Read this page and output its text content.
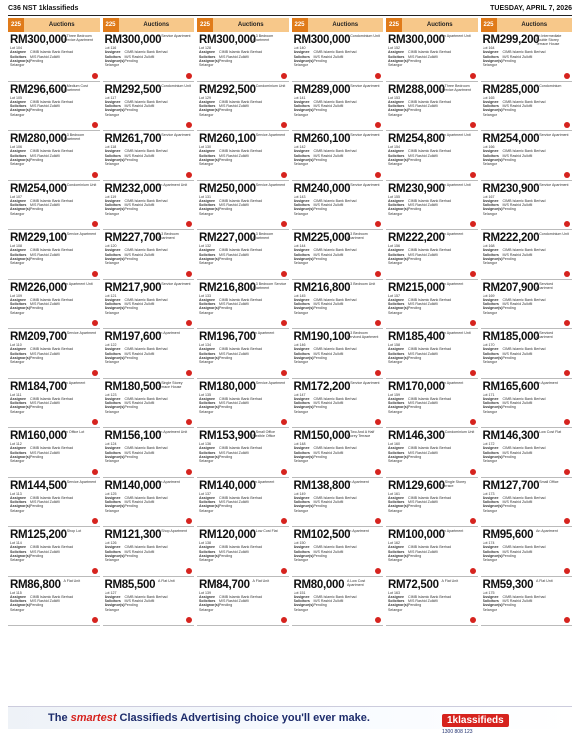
C36 NST 1klassifieds	TUESDAY, APRIL 7, 2026
225	Auctions
RM300,000
A Three Bedroom Service Apartment
Lot 104
Assignee CIMB Islamic Bank Berhad
Solicitors M/S Rashid Zulkifli
Assignor(s)Pending
Selangor
RM296,600
A Medium Cost Apartment
Lot 105
Assignee CIMB Islamic Bank Berhad
Solicitors M/S Rashid Zulkifli
Assignor(s)Pending
Selangor
RM280,000
A 3 Bedroom Apartment
Lot 106
Assignee CIMB Islamic Bank Berhad
Solicitors M/S Rashid Zulkifli
Assignor(s)Pending
Selangor
RM254,000
A Condominium Unit
Lot 107
Assignee CIMB Islamic Bank Berhad
Solicitors M/S Rashid Zulkifli
Assignor(s)Pending
Selangor
RM229,100
A Service Apartment
Lot 108
Assignee CIMB Islamic Bank Berhad
Solicitors M/S Rashid Zulkifli
Assignor(s)Pending
Selangor
RM226,000
An Apartment Unit
Lot 109
Assignee CIMB Islamic Bank Berhad
Solicitors M/S Rashid Zulkifli
Assignor(s)Pending
Selangor
RM209,700
A Service Apartment
Lot 110
Assignee CIMB Islamic Bank Berhad
Solicitors M/S Rashid Zulkifli
Assignor(s)Pending
Selangor
RM184,700
An Apartment
Lot 111
Assignee CIMB Islamic Bank Berhad
Solicitors M/S Rashid Zulkifli
Assignor(s)Pending
Selangor
RM160,000
An Office Lot
Lot 112
Assignee CIMB Islamic Bank Berhad
Solicitors M/S Rashid Zulkifli
Assignor(s)Pending
Selangor
RM144,500
A Service Apartment
Lot 113
Assignee CIMB Islamic Bank Berhad
Solicitors M/S Rashid Zulkifli
Assignor(s)Pending
Selangor
RM125,200
A Shop Lot
Lot 114
Assignee CIMB Islamic Bank Berhad
Solicitors M/S Rashid Zulkifli
Assignor(s)Pending
Selangor
RM86,800 A Flat Unit
Lot 115
Assignee CIMB Islamic Bank Berhad
Solicitors M/S Rashid Zulkifli
Assignor(s)Pending
Selangor
225	Auctions
RM300,000
A Service Apartment
Lot 116
Assignee CIMB Islamic Bank Berhad
Solicitors M/S Rashid Zulkifli
Assignor(s)Pending
Selangor
RM292,500
A Condominium Unit
Lot 117
Assignee CIMB Islamic Bank Berhad
Solicitors M/S Rashid Zulkifli
Assignor(s)Pending
Selangor
RM261,700
A Service Apartment
Lot 118
Assignee CIMB Islamic Bank Berhad
Solicitors M/S Rashid Zulkifli
Assignor(s)Pending
Selangor
RM232,000
An Apartment Unit
Lot 119
Assignee CIMB Islamic Bank Berhad
Solicitors M/S Rashid Zulkifli
Assignor(s)Pending
Selangor
RM227,700
A 3 Bedroom Apartment
Lot 120
Assignee CIMB Islamic Bank Berhad
Solicitors M/S Rashid Zulkifli
Assignor(s)Pending
Selangor
RM217,900
A Service Apartment
Lot 121
Assignee CIMB Islamic Bank Berhad
Solicitors M/S Rashid Zulkifli
Assignor(s)Pending
Selangor
RM197,600
An Apartment
Lot 122
Assignee CIMB Islamic Bank Berhad
Solicitors M/S Rashid Zulkifli
Assignor(s)Pending
Selangor
RM180,500
A Single Storey Terrace House
Lot 123
Assignee CIMB Islamic Bank Berhad
Solicitors M/S Rashid Zulkifli
Assignor(s)Pending
Selangor
RM156,100
An Apartment Unit
Lot 124
Assignee CIMB Islamic Bank Berhad
Solicitors M/S Rashid Zulkifli
Assignor(s)Pending
Selangor
RM140,000
An Apartment
Lot 125
Assignee CIMB Islamic Bank Berhad
Solicitors M/S Rashid Zulkifli
Assignor(s)Pending
Selangor
RM121,300
A Shop Apartment
Lot 126
Assignee CIMB Islamic Bank Berhad
Solicitors M/S Rashid Zulkifli
Assignor(s)Pending
Selangor
RM85,500 A Flat Unit
Lot 127
Assignee CIMB Islamic Bank Berhad
Solicitors M/S Rashid Zulkifli
Assignor(s)Pending
Selangor
225	Auctions
RM300,000
A 3 Bedroom Apartment
Lot 128
Assignee CIMB Islamic Bank Berhad
Solicitors M/S Rashid Zulkifli
Assignor(s)Pending
Selangor
RM292,500
A Condominium Unit
Lot 129
Assignee CIMB Islamic Bank Berhad
Solicitors M/S Rashid Zulkifli
Assignor(s)Pending
Selangor
RM260,100
A Service Apartment
Lot 130
Assignee CIMB Islamic Bank Berhad
Solicitors M/S Rashid Zulkifli
Assignor(s)Pending
Selangor
RM250,000
A Service Apartment
Lot 131
Assignee CIMB Islamic Bank Berhad
Solicitors M/S Rashid Zulkifli
Assignor(s)Pending
Selangor
RM227,000
A 3 Bedroom Apartment
Lot 132
Assignee CIMB Islamic Bank Berhad
Solicitors M/S Rashid Zulkifli
Assignor(s)Pending
Selangor
RM216,800
A 3 Bedroom Service Apartment
Lot 133
Assignee CIMB Islamic Bank Berhad
Solicitors M/S Rashid Zulkifli
Assignor(s)Pending
Selangor
RM196,700
An Apartment
Lot 134
Assignee CIMB Islamic Bank Berhad
Solicitors M/S Rashid Zulkifli
Assignor(s)Pending
Selangor
RM180,000
A Service Apartment
Lot 135
Assignee CIMB Islamic Bank Berhad
Solicitors M/S Rashid Zulkifli
Assignor(s)Pending
Selangor
RM153,900
A Small Office Flexible Office
Lot 136
Assignee CIMB Islamic Bank Berhad
Solicitors M/S Rashid Zulkifli
Assignor(s)Pending
Selangor
RM140,000
An Apartment
Lot 137
Assignee CIMB Islamic Bank Berhad
Solicitors M/S Rashid Zulkifli
Assignor(s)Pending
Selangor
RM120,000
A Low Cost Flat
Lot 138
Assignee CIMB Islamic Bank Berhad
Solicitors M/S Rashid Zulkifli
Assignor(s)Pending
Selangor
RM84,700 A Flat Unit
Lot 139
Assignee CIMB Islamic Bank Berhad
Solicitors M/S Rashid Zulkifli
Assignor(s)Pending
Selangor
225	Auctions
RM300,000
A Condominium Unit
Lot 140
Assignee CIMB Islamic Bank Berhad
Solicitors M/S Rashid Zulkifli
Assignor(s)Pending
Selangor
RM289,000
A Service Apartment
Lot 141
Assignee CIMB Islamic Bank Berhad
Solicitors M/S Rashid Zulkifli
Assignor(s)Pending
Selangor
RM260,100
A Service Apartment
Lot 142
Assignee CIMB Islamic Bank Berhad
Solicitors M/S Rashid Zulkifli
Assignor(s)Pending
Selangor
RM240,000
A Service Apartment
Lot 143
Assignee CIMB Islamic Bank Berhad
Solicitors M/S Rashid Zulkifli
Assignor(s)Pending
Selangor
RM225,000
A 3 Bedroom Apartment
Lot 144
Assignee CIMB Islamic Bank Berhad
Solicitors M/S Rashid Zulkifli
Assignor(s)Pending
Selangor
RM216,800
A 3 Bedroom Unit
Lot 145
Assignee CIMB Islamic Bank Berhad
Solicitors M/S Rashid Zulkifli
Assignor(s)Pending
Selangor
RM190,100
A 3 Bedroom Serviced Apartment
Lot 146
Assignee CIMB Islamic Bank Berhad
Solicitors M/S Rashid Zulkifli
Assignor(s)Pending
Selangor
RM172,200
A Service Apartment
Lot 147
Assignee CIMB Islamic Bank Berhad
Solicitors M/S Rashid Zulkifli
Assignor(s)Pending
Selangor
RM150,000
A Two And A Half Storey Terrace
Lot 148
Assignee CIMB Islamic Bank Berhad
Solicitors M/S Rashid Zulkifli
Assignor(s)Pending
Selangor
RM138,800
An Apartment
Lot 149
Assignee CIMB Islamic Bank Berhad
Solicitors M/S Rashid Zulkifli
Assignor(s)Pending
Selangor
RM102,500
An Apartment
Lot 150
Assignee CIMB Islamic Bank Berhad
Solicitors M/S Rashid Zulkifli
Assignor(s)Pending
Selangor
RM80,000 A Low Cost Apartment
Lot 151
Assignee CIMB Islamic Bank Berhad
Solicitors M/S Rashid Zulkifli
Assignor(s)Pending
Selangor
225	Auctions
RM300,000
An Apartment Unit
Lot 152
Assignee CIMB Islamic Bank Berhad
Solicitors M/S Rashid Zulkifli
Assignor(s)Pending
Selangor
RM288,000
A Three Bedroom Service Apartment
Lot 153
Assignee CIMB Islamic Bank Berhad
Solicitors M/S Rashid Zulkifli
Assignor(s)Pending
Selangor
RM254,800
An Apartment Unit
Lot 154
Assignee CIMB Islamic Bank Berhad
Solicitors M/S Rashid Zulkifli
Assignor(s)Pending
Selangor
RM230,900
An Apartment Unit
Lot 155
Assignee CIMB Islamic Bank Berhad
Solicitors M/S Rashid Zulkifli
Assignor(s)Pending
Selangor
RM222,200
An Apartment
Lot 156
Assignee CIMB Islamic Bank Berhad
Solicitors M/S Rashid Zulkifli
Assignor(s)Pending
Selangor
RM215,000
An Apartment
Lot 157
Assignee CIMB Islamic Bank Berhad
Solicitors M/S Rashid Zulkifli
Assignor(s)Pending
Selangor
RM185,400
An Apartment Unit
Lot 158
Assignee CIMB Islamic Bank Berhad
Solicitors M/S Rashid Zulkifli
Assignor(s)Pending
Selangor
RM170,000
An Apartment
Lot 159
Assignee CIMB Islamic Bank Berhad
Solicitors M/S Rashid Zulkifli
Assignor(s)Pending
Selangor
RM146,300
A Condominium Unit
Lot 160
Assignee CIMB Islamic Bank Berhad
Solicitors M/S Rashid Zulkifli
Assignor(s)Pending
Selangor
RM129,600
A Single Storey Terrace
Lot 161
Assignee CIMB Islamic Bank Berhad
Solicitors M/S Rashid Zulkifli
Assignor(s)Pending
Selangor
RM100,000
An Apartment
Lot 162
Assignee CIMB Islamic Bank Berhad
Solicitors M/S Rashid Zulkifli
Assignor(s)Pending
Selangor
RM72,500 A Flat Unit
Lot 163
Assignee CIMB Islamic Bank Berhad
Solicitors M/S Rashid Zulkifli
Assignor(s)Pending
Selangor
225	Auctions
RM299,200
An Intermediate Double Storey Terrace House
Lot 164
Assignee CIMB Islamic Bank Berhad
Solicitors M/S Rashid Zulkifli
Assignor(s)Pending
Selangor
RM285,000
A Condominium
Lot 165
Assignee CIMB Islamic Bank Berhad
Solicitors M/S Rashid Zulkifli
Assignor(s)Pending
Selangor
RM254,000
A Service Apartment
Lot 166
Assignee CIMB Islamic Bank Berhad
Solicitors M/S Rashid Zulkifli
Assignor(s)Pending
Selangor
RM230,900
A Service Apartment
Lot 167
Assignee CIMB Islamic Bank Berhad
Solicitors M/S Rashid Zulkifli
Assignor(s)Pending
Selangor
RM222,200
A Condominium Unit
Lot 168
Assignee CIMB Islamic Bank Berhad
Solicitors M/S Rashid Zulkifli
Assignor(s)Pending
Selangor
RM207,900
A Serviced Apartment
Lot 169
Assignee CIMB Islamic Bank Berhad
Solicitors M/S Rashid Zulkifli
Assignor(s)Pending
Selangor
RM185,000
A Serviced Apartment
Lot 170
Assignee CIMB Islamic Bank Berhad
Solicitors M/S Rashid Zulkifli
Assignor(s)Pending
Selangor
RM165,600
An Apartment
Lot 171
Assignee CIMB Islamic Bank Berhad
Solicitors M/S Rashid Zulkifli
Assignor(s)Pending
Selangor
RM146,300
A Low Cost Flat
Lot 172
Assignee CIMB Islamic Bank Berhad
Solicitors M/S Rashid Zulkifli
Assignor(s)Pending
Selangor
RM127,700
A Small Office
Lot 173
Assignee CIMB Islamic Bank Berhad
Solicitors M/S Rashid Zulkifli
Assignor(s)Pending
Selangor
RM95,600 An Apartment
Lot 174
Assignee CIMB Islamic Bank Berhad
Solicitors M/S Rashid Zulkifli
Assignor(s)Pending
Selangor
RM59,300 A Flat Unit
Lot 175
Assignee CIMB Islamic Bank Berhad
Solicitors M/S Rashid Zulkifli
Assignor(s)Pending
Selangor
The smartest Classifieds Advertising choice you'll ever make.	1klassifieds
1300 808 123
